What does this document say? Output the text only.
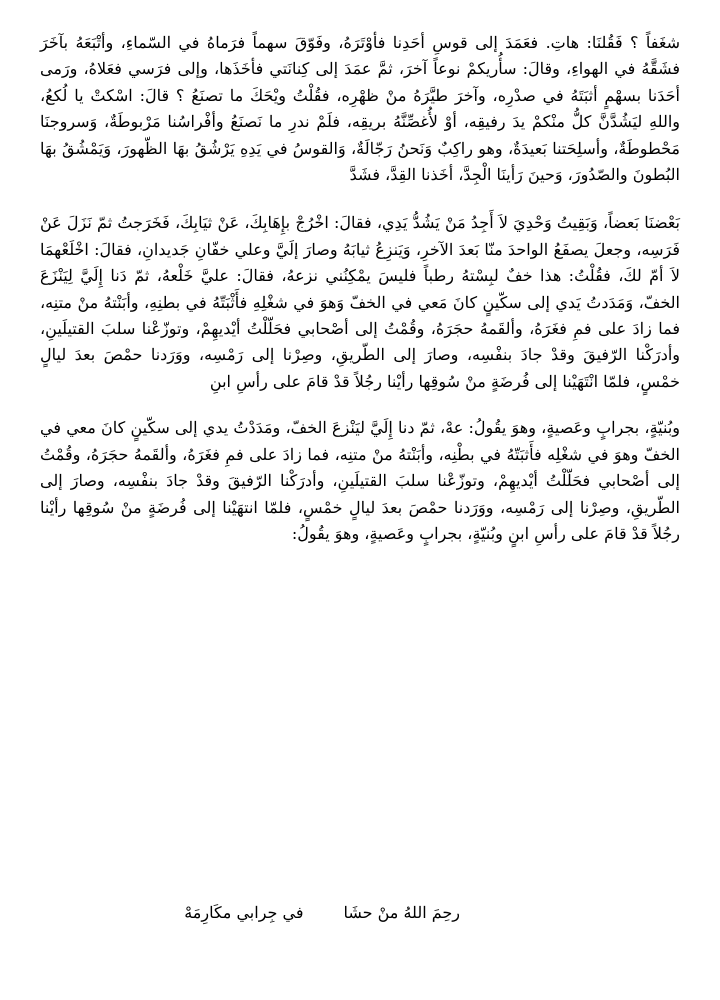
شغَفاً ؟ فَقُلنَا: هاتِ. فعَمَدَ إلى قوسِ أحَدِنا فأوْتَرَهُ، وفَوّقَ سهماً فرَماهُ في السّماءِ، وأتْبَعَهُ بآخَرَ فشَقَّهُ في الهواءِ، وقالَ: سأُريكمْ نوعاً آخرَ، ثمَّ عمَدَ إلى كِنانَتي فأخَذَها، وإلى فرَسي فعَلاهُ، ورَمى أحَدَنا بسهْمٍ أثبَتَهُ في صدْرِه، وآخرَ طيَّرَهُ منْ ظهْرِه، فقُلْتُ ويْحَكَ ما تصنَعُ ؟ قالَ: اسْكتْ يا لُكعُ، واللهِ ليَشُدَّنَّ كلُّ منْكمْ يدَ رفيقِه، أوْ لأُغصِّنَّهُ بريقِه، فلَمْ ندرِ ما نَصنَعُ وأفْراسُنا مَرْبوطَةٌ، وَسروجنَا مَحْطوطَةٌ، وأسلِحَتنا بَعيدَةٌ، وهو راكِبٌ وَنَحنُ رَجّالَةٌ، وَالقوسُ في يَدِهِ يَرْشُقُ بهَا الظّهورَ، وَيَمْشُقُ بهَا البُطونَ والصّدُورَ، وَحينَ رَأينَا الْجِدَّ، أخَذنا القِدَّ، فشَدَّ

بَعْضنَا بَعضاً، وَبَقِيتُ وَحْدِيَ لاَ أَجِدُ مَنْ يَشُدُّ يَدِي، فقالَ: اخْرُجْ بإِهَابِكَ، عَنْ ثيَابِكَ، فَخَرَجتُ ثمّ نَزَلَ عَنْ فَرَسِه، وجعلَ يصفَعُ الواحدَ منّا بَعدَ الآخرِ، وَيَنزِعُ ثيابَهُ وصارَ إلَيَّ وعلي خفّانِ جَديدانِ، فقالَ: اخْلَعْهمَا لاَ أمّ لكَ، فقُلْتُ: هذا خفٌ لبِسْتهُ رطباً فليسَ يمْكِنُني نزعهُ، فقالَ: عليَّ خَلْعهُ، ثمّ دَنا إِلَيَّ لِيَنْزَعَ الخفّ، وَمَدَدتُ يَدي إلى سكّينٍ كانَ مَعي في الخفّ وَهوَ في شغْلِهِ فأَثْبَتّهُ في بطنِهِ، وأبَنْتهُ منْ متنِه، فما زادَ على فمِ فغَرَهُ، وألقَمهُ حجَرَهُ، وقُمْتُ إلى أصْحابي فحَلّلْتُ أيْديهِمْ، وتوزّعْنا سلبَ القتيلَينِ، وأدرَكْنا الرّفيقَ وقدْ جادَ بنفْسِه، وصارَ إلى الطّريقِ، وصِرْنا إلى رَمْسِه، ووَرَدنا حمْصَ بعدَ ليالٍ خمْسٍ، فلمّا انْتَهَيْنا إلى فُرضَةٍ منْ سُوقِها رأيْنا رجُلاً قدْ قامَ على رأسِ ابنِ

وبُنيّةٍ، بجرابٍ وعَصيةٍ، وهوَ يقُولُ: عهْ، ثمّ دنا إِلَيَّ ليَنْزعَ الخفّ، ومَدَدْتُ يدي إلى سكّينٍ كانَ معي في الخفّ وهوَ في شغْلِه فأَثبَتّهُ في بطْنِه، وأبَنْتهُ منْ متنِه، فما زادَ على فمِ فغَرَهُ، وألقَمهُ حجَرَهُ، وقُمْتُ إلى أصْحابي فحَلّلْتُ أيْديهِمْ، وتوزّعْنا سلبَ القتيلَينِ، وأدرَكْنا الرّفيقَ وقدْ جادَ بنفْسِه، وصارَ إلى الطّريقِ، وصِرْنا إلى رَمْسِه، ووَرَدنا حمْصَ بعدَ ليالٍ خمْسٍ، فلمّا انتهَيْنا إلى فُرضَةٍ منْ سُوقِها رأيْنا رجُلاً قدْ قامَ على رأسِ ابنٍ وبُنيّةٍ، بجرابٍ وعَصيةٍ، وهوَ يقُولُ:

رحِمَ اللهُ منْ حشَافي جِرابي مكَارِمَهْ
